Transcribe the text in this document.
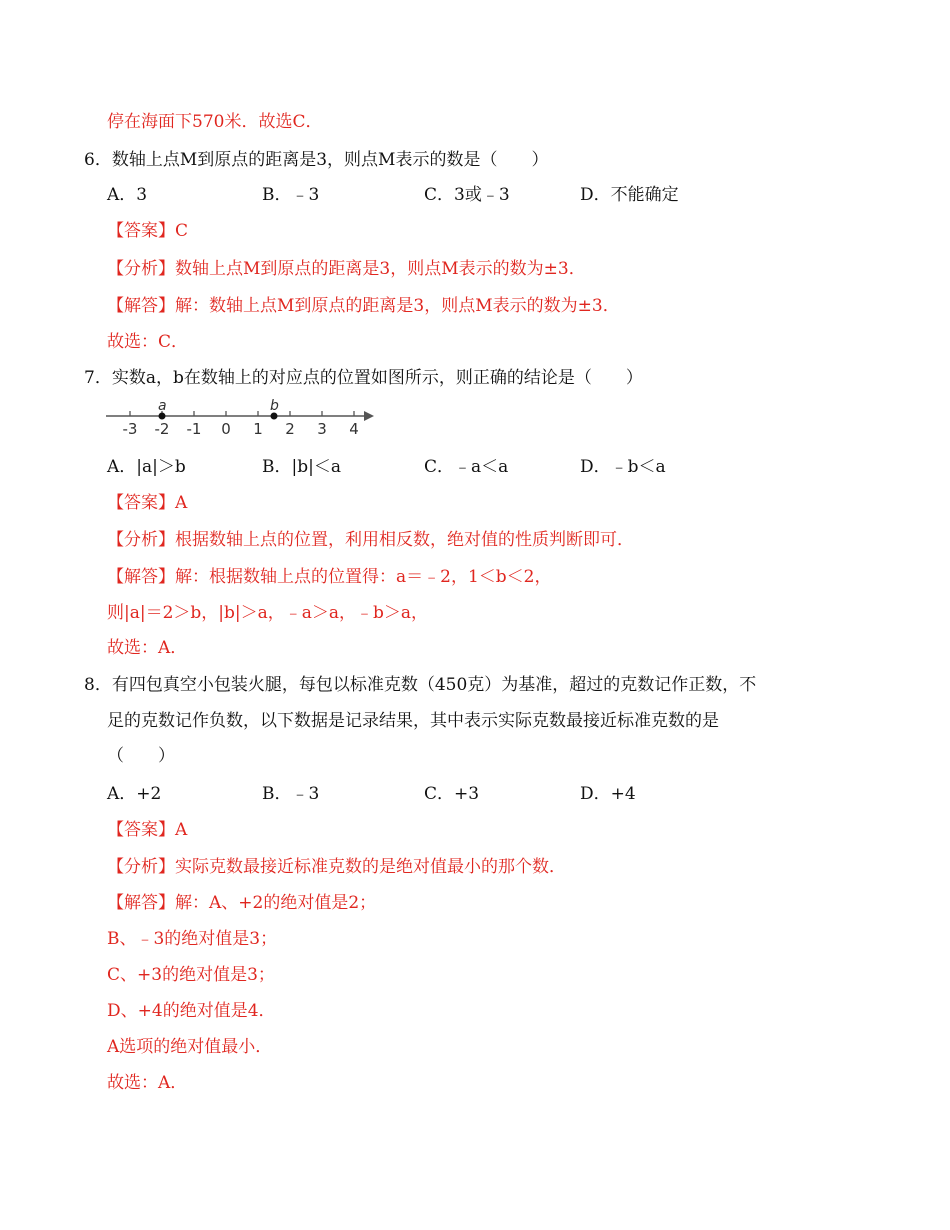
停在海面下570米．故选C．
6．数轴上点M到原点的距离是3，则点M表示的数是（　　）
A．3	B．﹣3	C．3或﹣3	D．不能确定
【答案】C
【分析】数轴上点M到原点的距离是3，则点M表示的数为±3．
【解答】解：数轴上点M到原点的距离是3，则点M表示的数为±3．
故选：C．
7．实数a，b在数轴上的对应点的位置如图所示，则正确的结论是（　　）
-3 -2 -1 0 1 2 3 4
a	b
A．|a|＞b	B．|b|＜a	C．﹣a＜a	D．﹣b＜a
【答案】A
【分析】根据数轴上点的位置，利用相反数，绝对值的性质判断即可．
【解答】解：根据数轴上点的位置得：a＝﹣2，1＜b＜2，
则|a|＝2＞b，|b|＞a，﹣a＞a，﹣b＞a，
故选：A．
8．有四包真空小包装火腿，每包以标准克数（450克）为基准，超过的克数记作正数，不
足的克数记作负数，以下数据是记录结果，其中表示实际克数最接近标准克数的是
（　　）
A．+2	B．﹣3	C．+3	D．+4
【答案】A
【分析】实际克数最接近标准克数的是绝对值最小的那个数．
【解答】解：A、+2的绝对值是2；
B、﹣3的绝对值是3；
C、+3的绝对值是3；
D、+4的绝对值是4．
A选项的绝对值最小．
故选：A．
